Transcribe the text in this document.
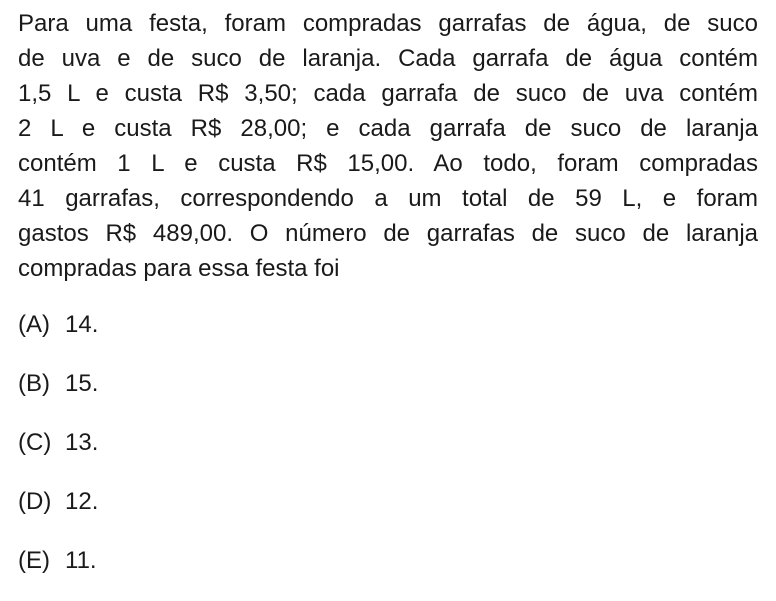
Para uma festa, foram compradas garrafas de água, de suco
de uva e de suco de laranja. Cada garrafa de água contém
1,5 L e custa R$ 3,50; cada garrafa de suco de uva contém
2 L e custa R$ 28,00; e cada garrafa de suco de laranja
contém 1 L e custa R$ 15,00. Ao todo, foram compradas
41 garrafas, correspondendo a um total de 59 L, e foram
gastos R$ 489,00. O número de garrafas de suco de laranja
compradas para essa festa foi
(A) 14.
(B) 15.
(C) 13.
(D) 12.
(E) 11.
